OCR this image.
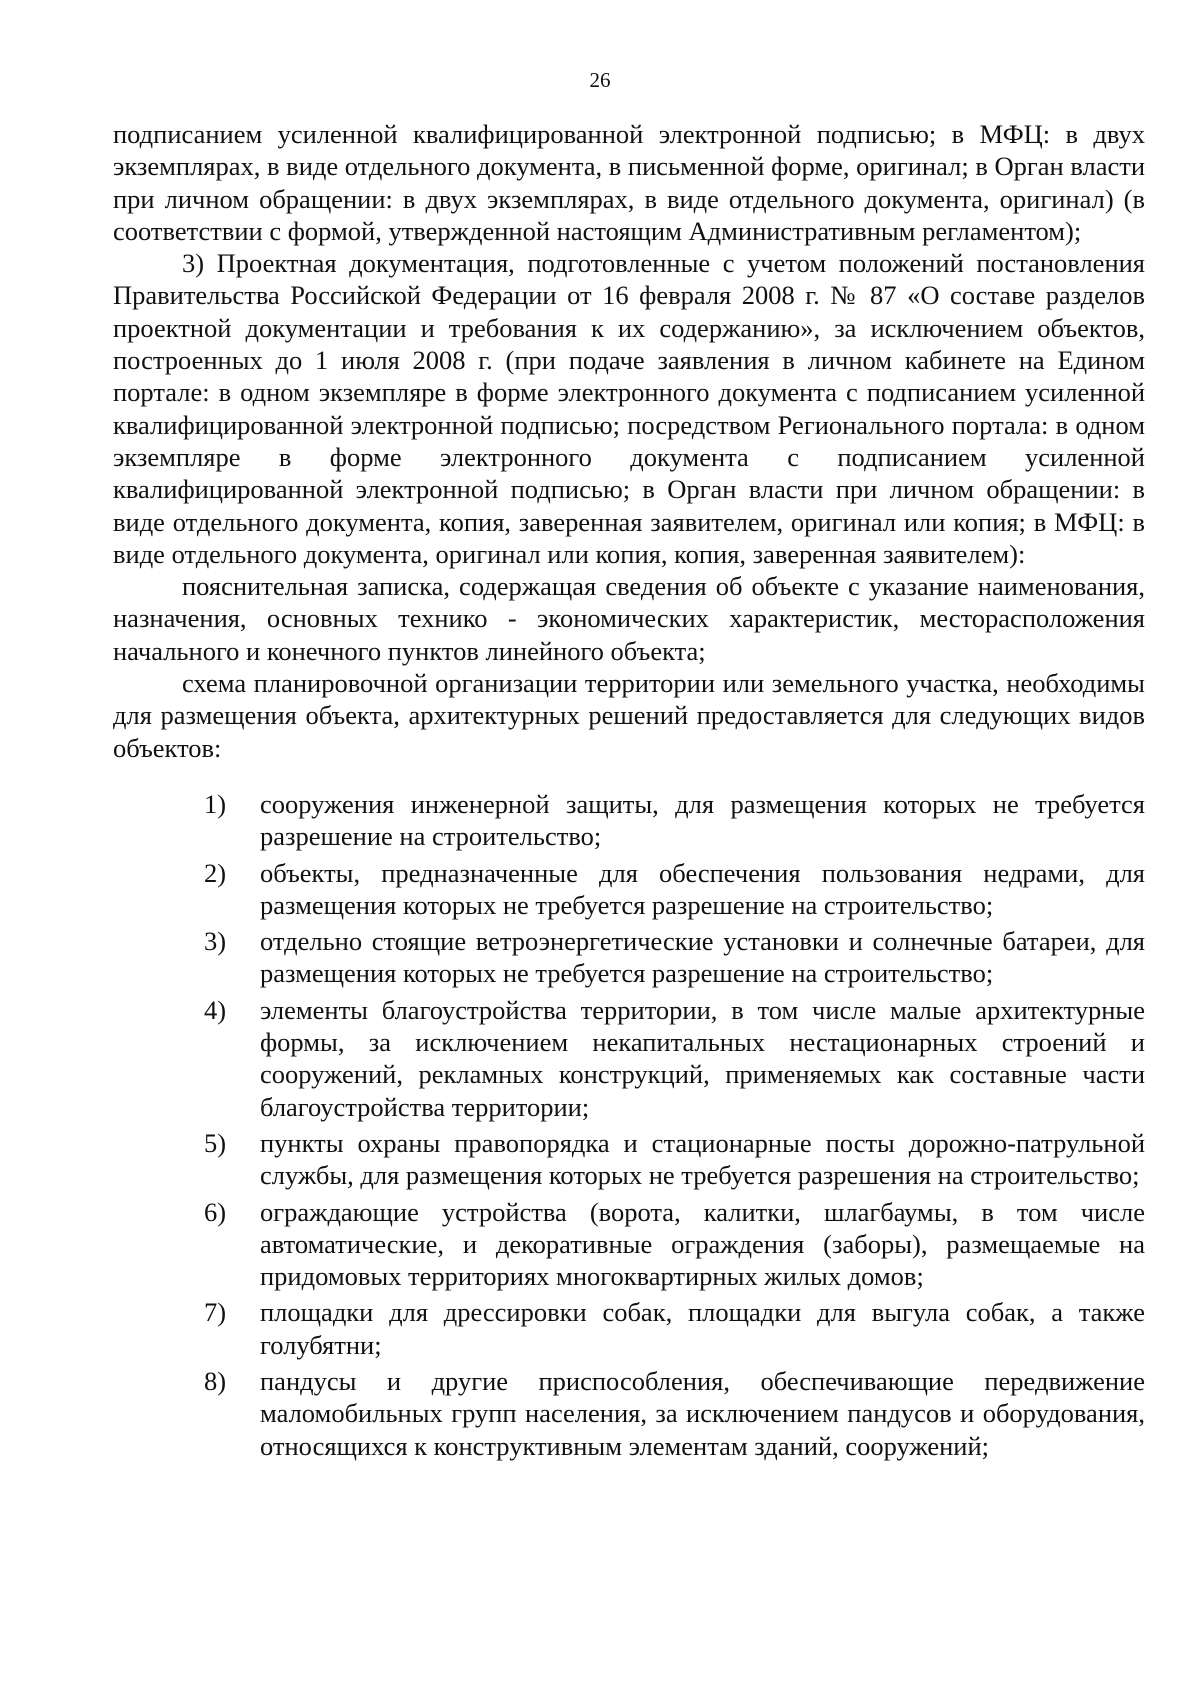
26

подписанием усиленной квалифицированной электронной подписью; в МФЦ: в двух экземплярах, в виде отдельного документа, в письменной форме, оригинал; в Орган власти при личном обращении: в двух экземплярах, в виде отдельного документа, оригинал) (в соответствии с формой, утвержденной настоящим Административным регламентом);

3) Проектная документация, подготовленные с учетом положений постановления Правительства Российской Федерации от 16 февраля 2008 г. № 87 «О составе разделов проектной документации и требования к их содержанию», за исключением объектов, построенных до 1 июля 2008 г. (при подаче заявления в личном кабинете на Едином портале: в одном экземпляре в форме электронного документа с подписанием усиленной квалифицированной электронной подписью; посредством Регионального портала: в одном экземпляре в форме электронного документа с подписанием усиленной квалифицированной электронной подписью; в Орган власти при личном обращении: в виде отдельного документа, копия, заверенная заявителем, оригинал или копия; в МФЦ: в виде отдельного документа, оригинал или копия, копия, заверенная заявителем):

пояснительная записка, содержащая сведения об объекте с указание наименования, назначения, основных технико - экономических характеристик, месторасположения начального и конечного пунктов линейного объекта;

схема планировочной организации территории или земельного участка, необходимы для размещения объекта, архитектурных решений предоставляется для следующих видов объектов:

1)	сооружения инженерной защиты, для размещения которых не требуется разрешение на строительство;
2)	объекты, предназначенные для обеспечения пользования недрами, для размещения которых не требуется разрешение на строительство;
3)	отдельно стоящие ветроэнергетические установки и солнечные батареи, для размещения которых не требуется разрешение на строительство;
4)	элементы благоустройства территории, в том числе малые архитектурные формы, за исключением некапитальных нестационарных строений и сооружений, рекламных конструкций, применяемых как составные части благоустройства территории;
5)	пункты охраны правопорядка и стационарные посты дорожно-патрульной службы, для размещения которых не требуется разрешения на строительство;
6)	ограждающие устройства (ворота, калитки, шлагбаумы, в том числе автоматические, и декоративные ограждения (заборы), размещаемые на придомовых территориях многоквартирных жилых домов;
7)	площадки для дрессировки собак, площадки для выгула собак, а также голубятни;
8)	пандусы и другие приспособления, обеспечивающие передвижение маломобильных групп населения, за исключением пандусов и оборудования, относящихся к конструктивным элементам зданий, сооружений;
